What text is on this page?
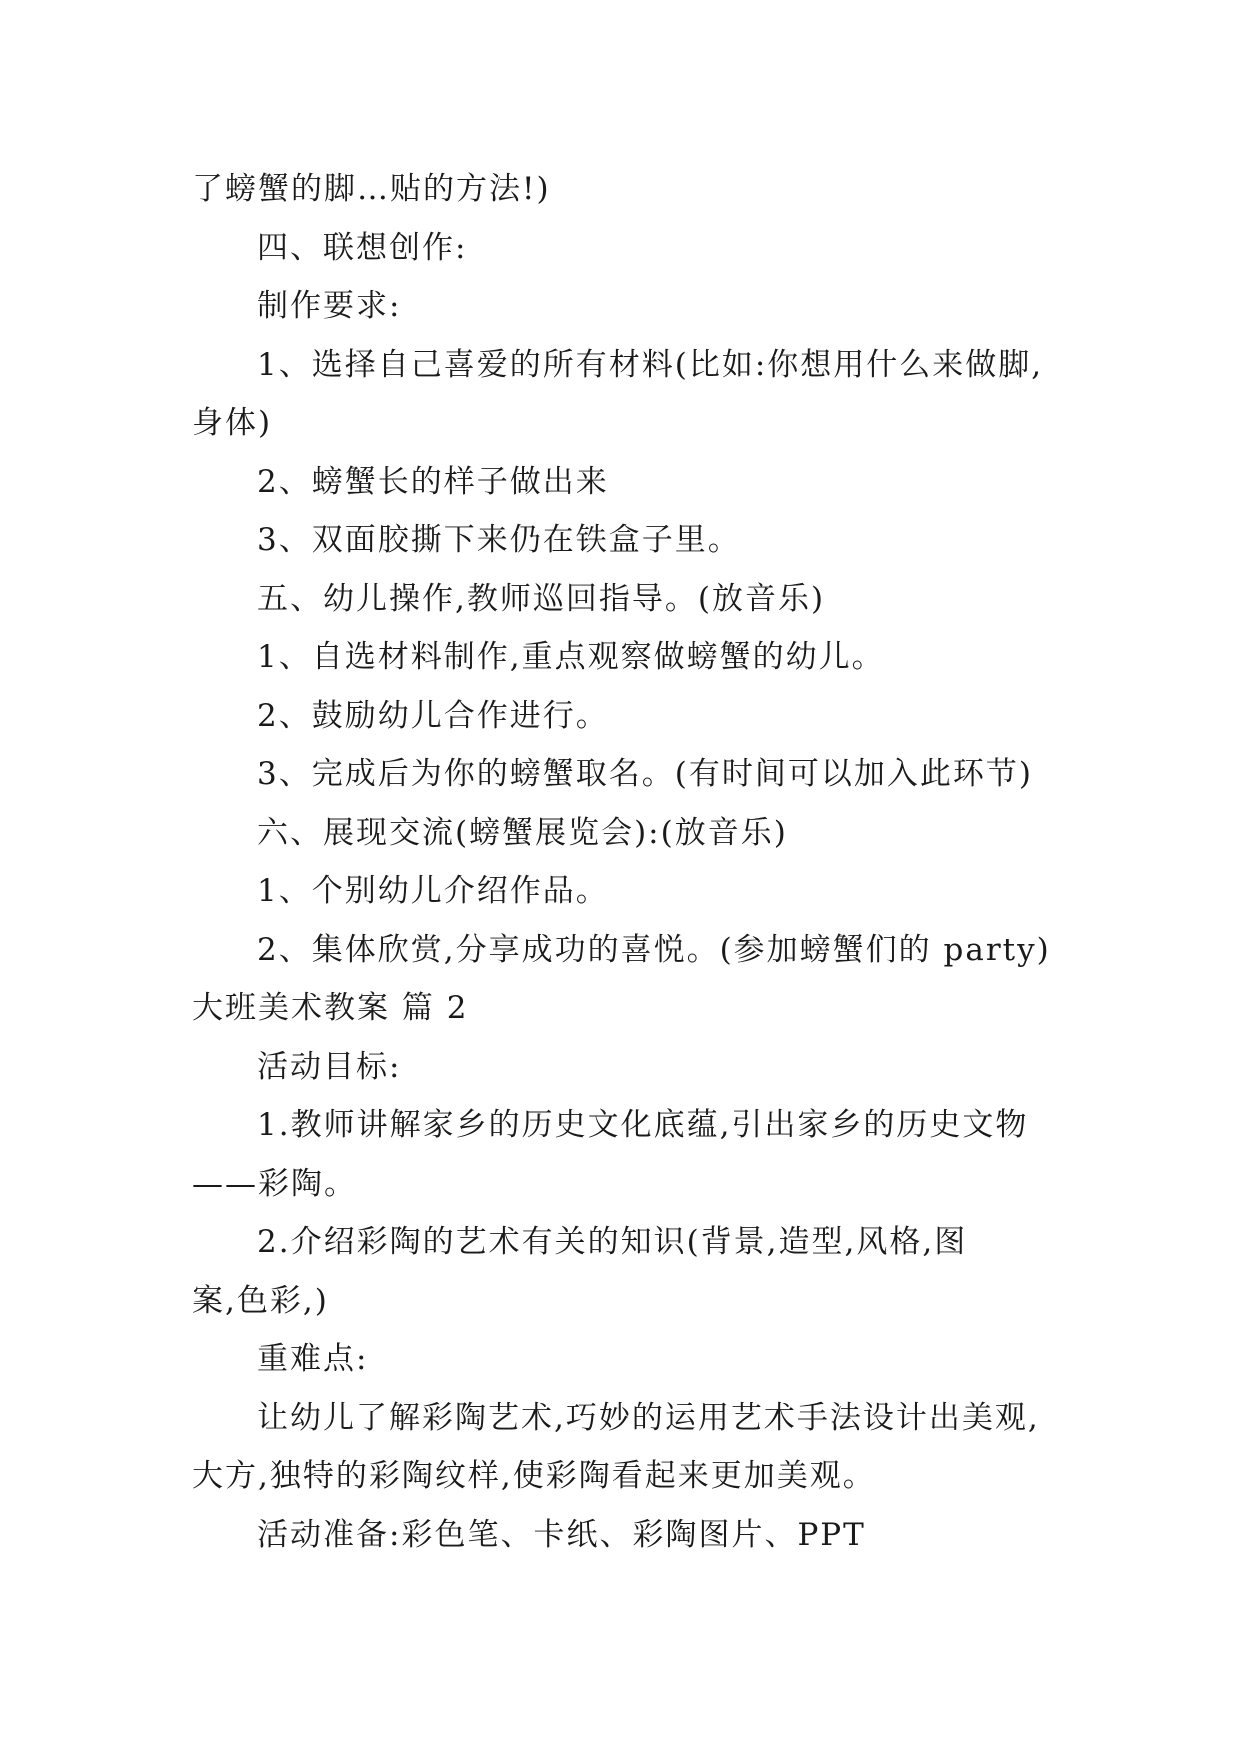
了螃蟹的脚…贴的方法!)
四、联想创作:
制作要求:
1、选择自己喜爱的所有材料(比如:你想用什么来做脚,
身体)
2、螃蟹长的样子做出来
3、双面胶撕下来仍在铁盒子里。
五、幼儿操作,教师巡回指导。(放音乐)
1、自选材料制作,重点观察做螃蟹的幼儿。
2、鼓励幼儿合作进行。
3、完成后为你的螃蟹取名。(有时间可以加入此环节)
六、展现交流(螃蟹展览会):(放音乐)
1、个别幼儿介绍作品。
2、集体欣赏,分享成功的喜悦。(参加螃蟹们的 party)
大班美术教案 篇 2
活动目标:
1.教师讲解家乡的历史文化底蕴,引出家乡的历史文物
——彩陶。
2.介绍彩陶的艺术有关的知识(背景,造型,风格,图
案,色彩,)
重难点:
让幼儿了解彩陶艺术,巧妙的运用艺术手法设计出美观,
大方,独特的彩陶纹样,使彩陶看起来更加美观。
活动准备:彩色笔、卡纸、彩陶图片、PPT
